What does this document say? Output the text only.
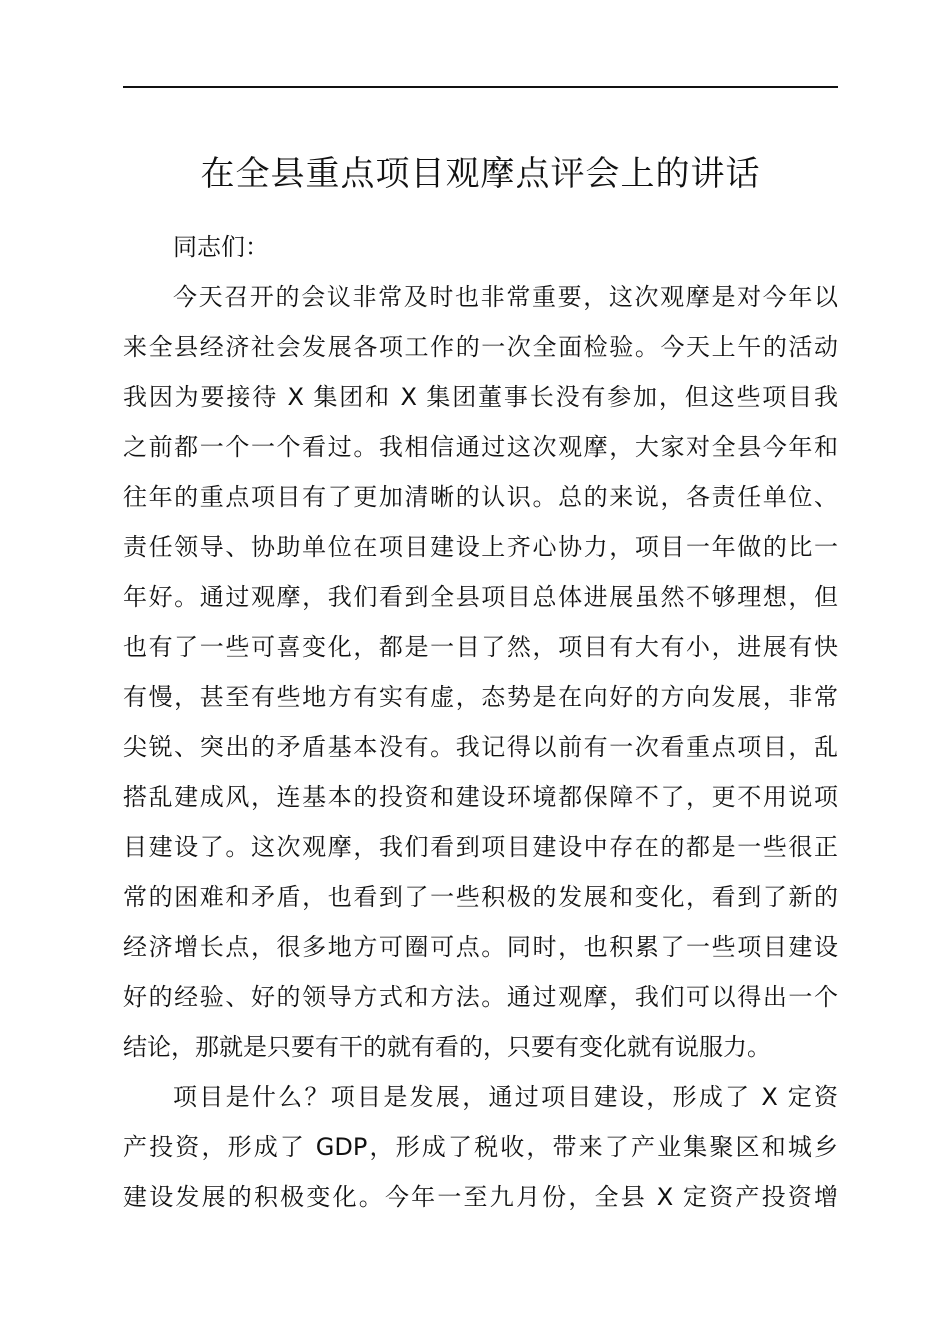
在全县重点项目观摩点评会上的讲话
同志们：
今天召开的会议非常及时也非常重要，这次观摩是对今年以
来全县经济社会发展各项工作的一次全面检验。今天上午的活动
我因为要接待 X 集团和 X 集团董事长没有参加，但这些项目我
之前都一个一个看过。我相信通过这次观摩，大家对全县今年和
往年的重点项目有了更加清晰的认识。总的来说，各责任单位、
责任领导、协助单位在项目建设上齐心协力，项目一年做的比一
年好。通过观摩，我们看到全县项目总体进展虽然不够理想，但
也有了一些可喜变化，都是一目了然，项目有大有小，进展有快
有慢，甚至有些地方有实有虚，态势是在向好的方向发展，非常
尖锐、突出的矛盾基本没有。我记得以前有一次看重点项目，乱
搭乱建成风，连基本的投资和建设环境都保障不了，更不用说项
目建设了。这次观摩，我们看到项目建设中存在的都是一些很正
常的困难和矛盾，也看到了一些积极的发展和变化，看到了新的
经济增长点，很多地方可圈可点。同时，也积累了一些项目建设
好的经验、好的领导方式和方法。通过观摩，我们可以得出一个
结论，那就是只要有干的就有看的，只要有变化就有说服力。
项目是什么？项目是发展，通过项目建设，形成了 X 定资
产投资，形成了 GDP，形成了税收，带来了产业集聚区和城乡
建设发展的积极变化。今年一至九月份，全县 X 定资产投资增
